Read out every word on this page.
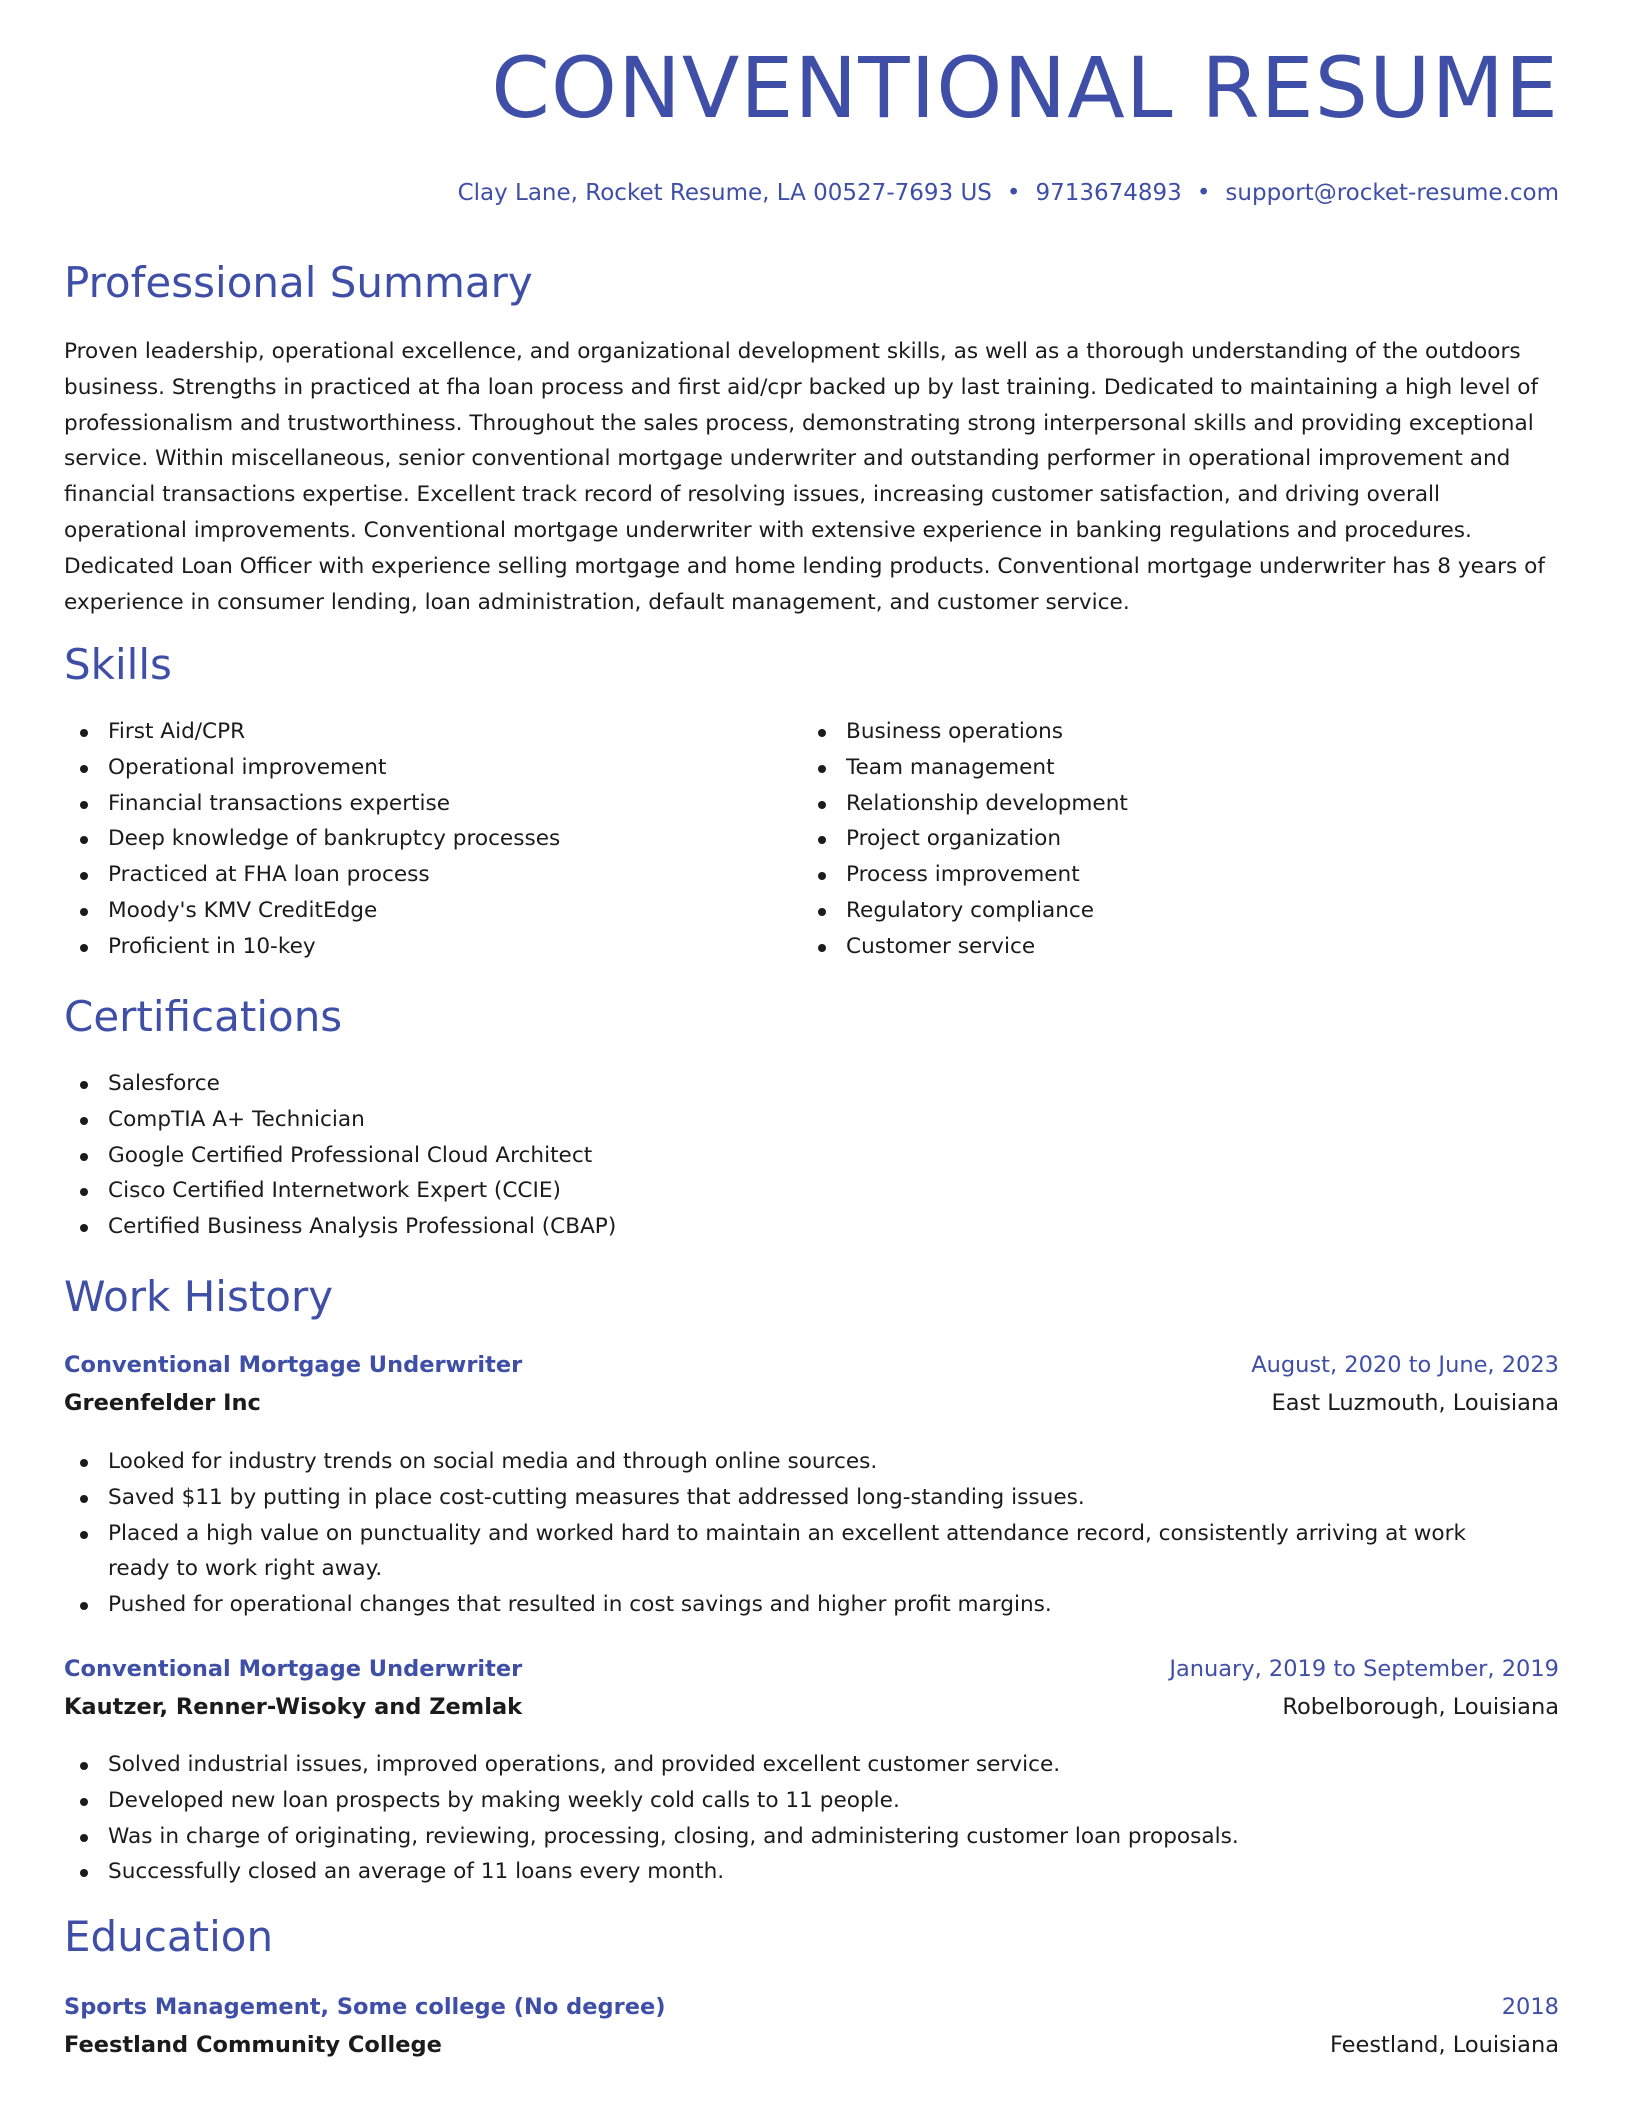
CONVENTIONAL RESUME
Clay Lane, Rocket Resume, LA 00527-7693 US • 9713674893 • support@rocket-resume.com
Professional Summary

Proven leadership, operational excellence, and organizational development skills, as well as a thorough understanding of the outdoors business. Strengths in practiced at fha loan process and first aid/cpr backed up by last training. Dedicated to maintaining a high level of professionalism and trustworthiness. Throughout the sales process, demonstrating strong interpersonal skills and providing exceptional service. Within miscellaneous, senior conventional mortgage underwriter and outstanding performer in operational improvement and financial transactions expertise. Excellent track record of resolving issues, increasing customer satisfaction, and driving overall operational improvements. Conventional mortgage underwriter with extensive experience in banking regulations and procedures. Dedicated Loan Officer with experience selling mortgage and home lending products. Conventional mortgage underwriter has 8 years of experience in consumer lending, loan administration, default management, and customer service.

Skills
First Aid/CPR
Operational improvement
Financial transactions expertise
Deep knowledge of bankruptcy processes
Practiced at FHA loan process
Moody's KMV CreditEdge
Proficient in 10-key
Business operations
Team management
Relationship development
Project organization
Process improvement
Regulatory compliance
Customer service
Certifications
Salesforce
CompTIA A+ Technician
Google Certified Professional Cloud Architect
Cisco Certified Internetwork Expert (CCIE)
Certified Business Analysis Professional (CBAP)
Work History
Conventional Mortgage Underwriter	August, 2020 to June, 2023
Greenfelder Inc	East Luzmouth, Louisiana
Looked for industry trends on social media and through online sources.
Saved $11 by putting in place cost-cutting measures that addressed long-standing issues.
Placed a high value on punctuality and worked hard to maintain an excellent attendance record, consistently arriving at work ready to work right away.
Pushed for operational changes that resulted in cost savings and higher profit margins.
Conventional Mortgage Underwriter	January, 2019 to September, 2019
Kautzer, Renner-Wisoky and Zemlak	Robelborough, Louisiana
Solved industrial issues, improved operations, and provided excellent customer service.
Developed new loan prospects by making weekly cold calls to 11 people.
Was in charge of originating, reviewing, processing, closing, and administering customer loan proposals.
Successfully closed an average of 11 loans every month.
Education
Sports Management, Some college (No degree)	2018
Feestland Community College	Feestland, Louisiana
